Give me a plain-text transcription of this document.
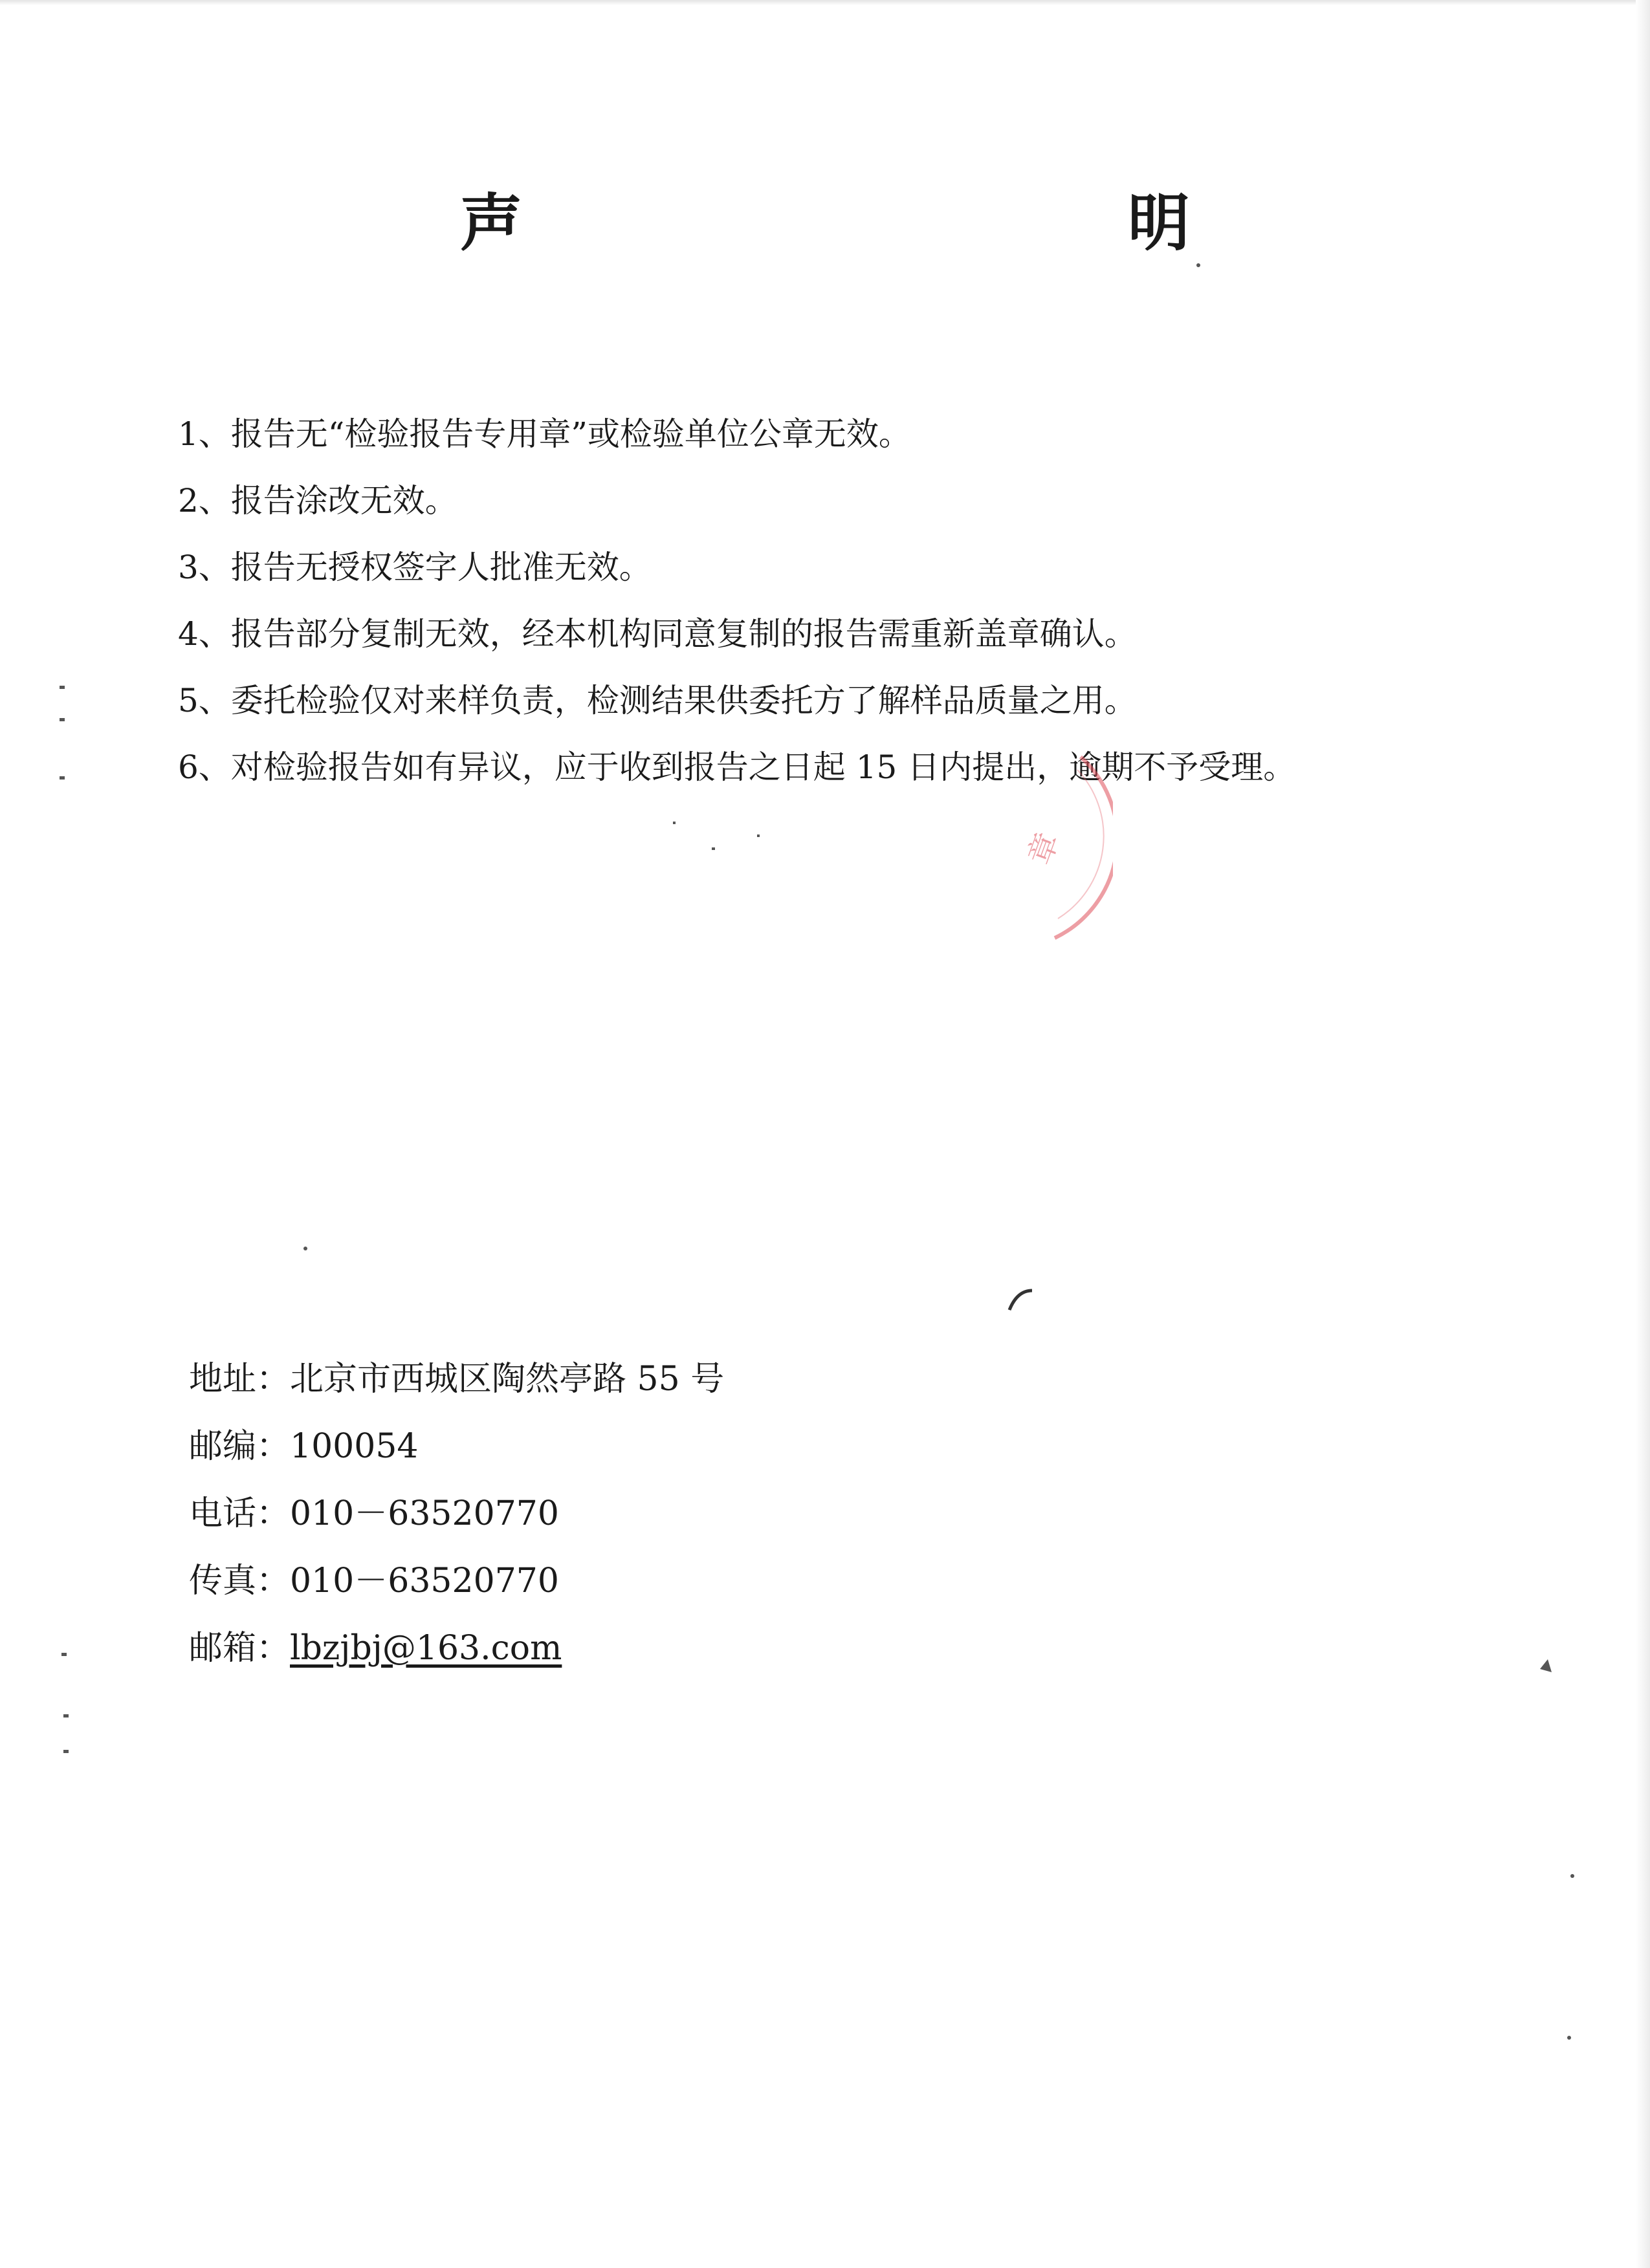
声　明
1、报告无“检验报告专用章”或检验单位公章无效。
2、报告涂改无效。
3、报告无授权签字人批准无效。
4、报告部分复制无效，经本机构同意复制的报告需重新盖章确认。
5、委托检验仅对来样负责，检测结果供委托方了解样品质量之用。
6、对检验报告如有异议，应于收到报告之日起 15 日内提出，逾期不予受理。
章
地址：北京市西城区陶然亭路 55 号
邮编：100054
电话：010－63520770
传真：010－63520770
邮箱：lbzjbj@163.com
